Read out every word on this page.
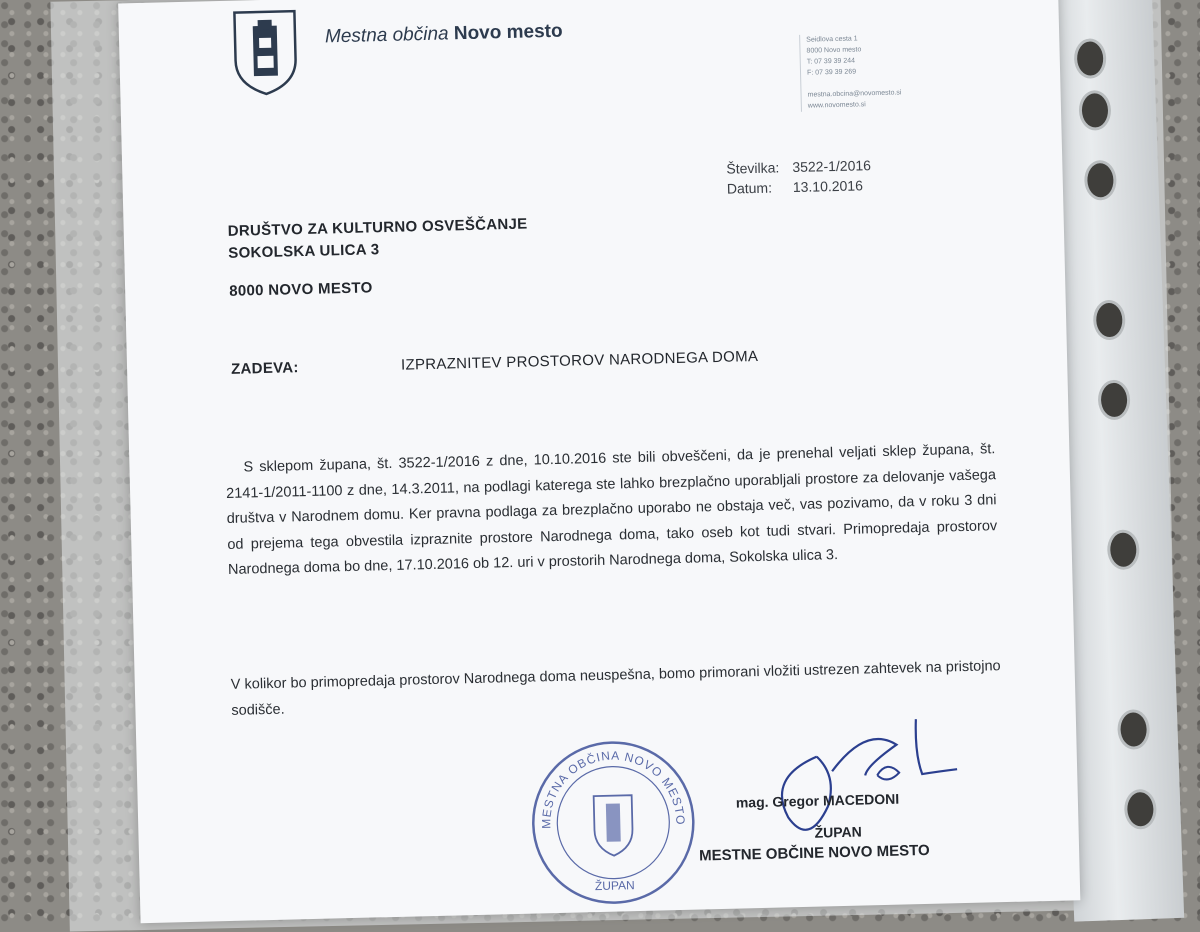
Mestna občina Novo mesto	Seidlova cesta 1
8000 Novo mesto
T: 07 39 39 244
F: 07 39 39 269
mestna.obcina@novomesto.si
www.novomesto.si
Številka: 3522-1/2016
Datum: 13.10.2016
DRUŠTVO ZA KULTURNO OSVEŠČANJE
SOKOLSKA ULICA 3
8000 NOVO MESTO
ZADEVA:	IZPRAZNITEV PROSTOROV NARODNEGA DOMA
S sklepom župana, št. 3522-1/2016 z dne, 10.10.2016 ste bili obveščeni, da je prenehal veljati sklep župana, št. 2141-1/2011-1100 z dne, 14.3.2011, na podlagi katerega ste lahko brezplačno uporabljali prostore za delovanje vašega društva v Narodnem domu. Ker pravna podlaga za brezplačno uporabo ne obstaja več, vas pozivamo, da v roku 3 dni od prejema tega obvestila izpraznite prostore Narodnega doma, tako oseb kot tudi stvari. Primopredaja prostorov Narodnega doma bo dne, 17.10.2016 ob 12. uri v prostorih Narodnega doma, Sokolska ulica 3.
V kolikor bo primopredaja prostorov Narodnega doma neuspešna, bomo primorani vložiti ustrezen zahtevek na pristojno sodišče.
MESTNA OBČINA NOVO MESTO
ŽUPAN
mag. Gregor MACEDONI
ŽUPAN
MESTNE OBČINE NOVO MESTO
